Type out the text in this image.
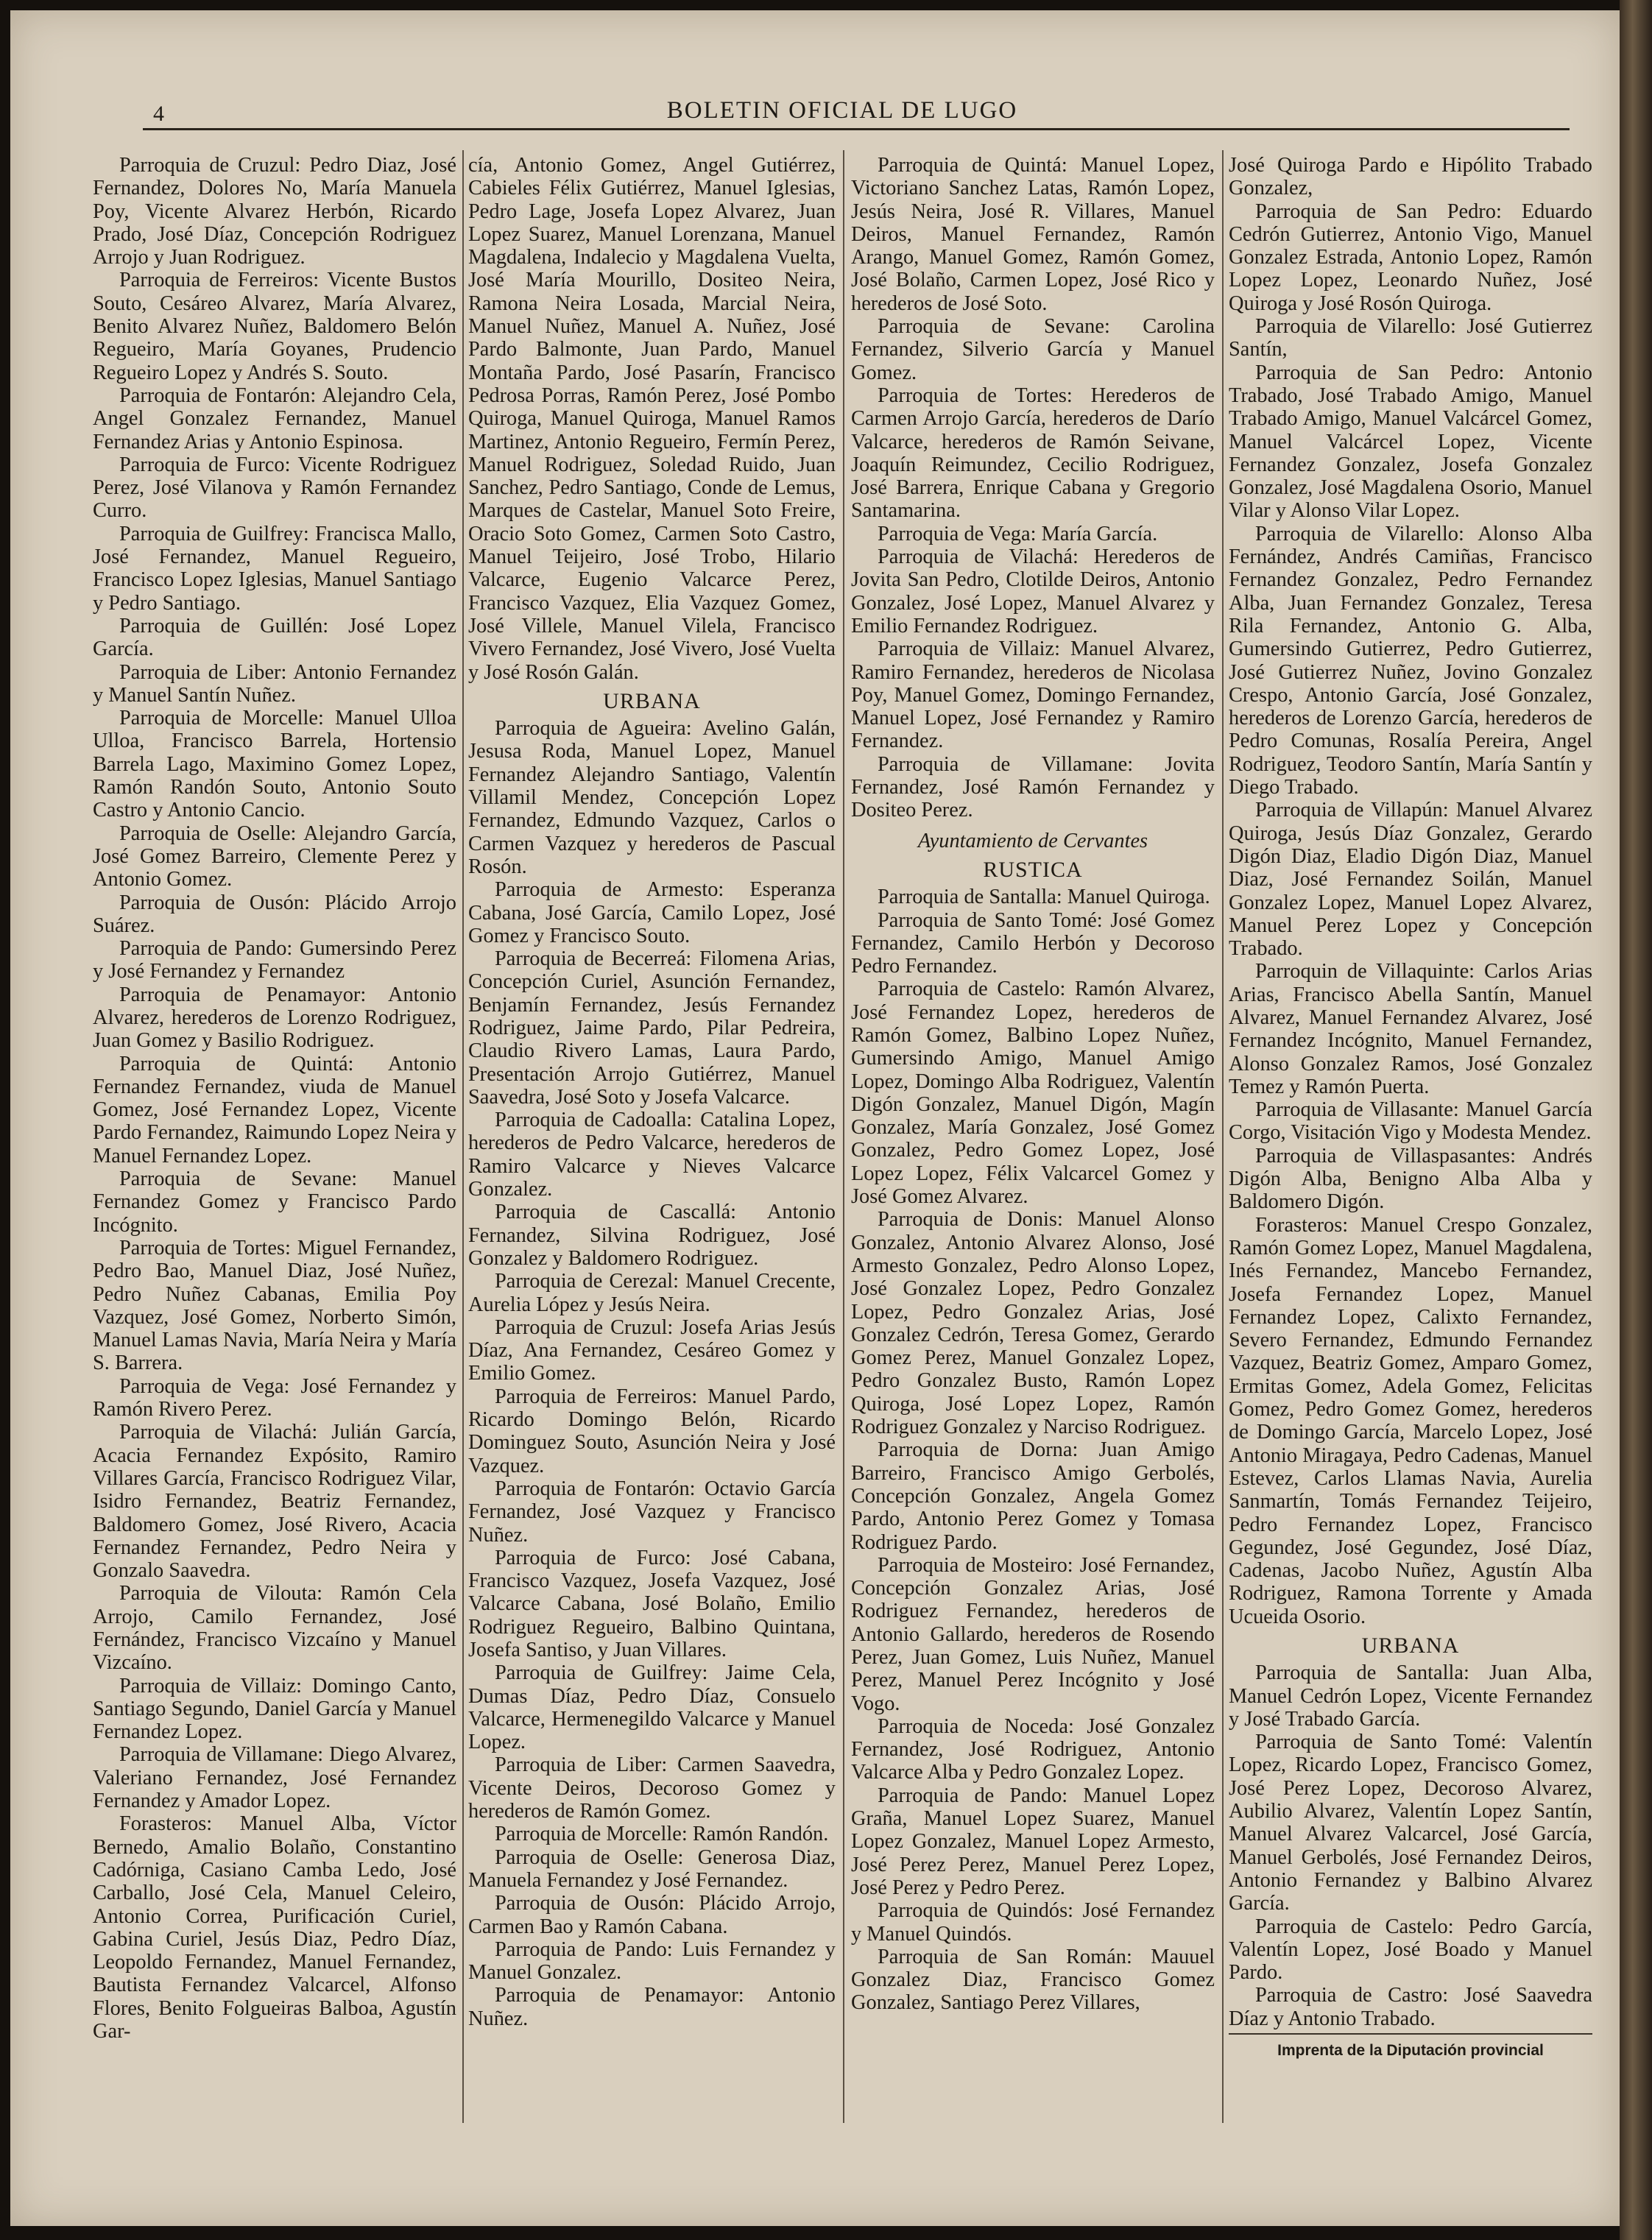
4	BOLETIN OFICIAL DE LUGO

Parroquia de Cruzul: Pedro Diaz, José Fernandez, Dolores No, María Manuela Poy, Vicente Alvarez Herbón, Ricardo Prado, José Díaz, Concepción Rodriguez Arrojo y Juan Rodriguez.

Parroquia de Ferreiros: Vicente Bustos Souto, Cesáreo Alvarez, María Alvarez, Benito Alvarez Nuñez, Baldomero Belón Regueiro, María Goyanes, Prudencio Regueiro Lopez y Andrés S. Souto.

Parroquia de Fontarón: Alejandro Cela, Angel Gonzalez Fernandez, Manuel Fernandez Arias y Antonio Espinosa.

Parroquia de Furco: Vicente Rodriguez Perez, José Vilanova y Ramón Fernandez Curro.

Parroquia de Guilfrey: Francisca Mallo, José Fernandez, Manuel Regueiro, Francisco Lopez Iglesias, Manuel Santiago y Pedro Santiago.

Parroquia de Guillén: José Lopez García.

Parroquia de Liber: Antonio Fernandez y Manuel Santín Nuñez.

Parroquia de Morcelle: Manuel Ulloa Ulloa, Francisco Barrela, Hortensio Barrela Lago, Maximino Gomez Lopez, Ramón Randón Souto, Antonio Souto Castro y Antonio Cancio.

Parroquia de Oselle: Alejandro García, José Gomez Barreiro, Clemente Perez y Antonio Gomez.

Parroquia de Ousón: Plácido Arrojo Suárez.

Parroquia de Pando: Gumersindo Perez y José Fernandez y Fernandez

Parroquia de Penamayor: Antonio Alvarez, herederos de Lorenzo Rodriguez, Juan Gomez y Basilio Rodriguez.

Parroquia de Quintá: Antonio Fernandez Fernandez, viuda de Manuel Gomez, José Fernandez Lopez, Vicente Pardo Fernandez, Raimundo Lopez Neira y Manuel Fernandez Lopez.

Parroquia de Sevane: Manuel Fernandez Gomez y Francisco Pardo Incógnito.

Parroquia de Tortes: Miguel Fernandez, Pedro Bao, Manuel Diaz, José Nuñez, Pedro Nuñez Cabanas, Emilia Poy Vazquez, José Gomez, Norberto Simón, Manuel Lamas Navia, María Neira y María S. Barrera.

Parroquia de Vega: José Fernandez y Ramón Rivero Perez.

Parroquia de Vilachá: Julián García, Acacia Fernandez Expósito, Ramiro Villares García, Francisco Rodriguez Vilar, Isidro Fernandez, Beatriz Fernandez, Baldomero Gomez, José Rivero, Acacia Fernandez Fernandez, Pedro Neira y Gonzalo Saavedra.

Parroquia de Vilouta: Ramón Cela Arrojo, Camilo Fernandez, José Fernández, Francisco Vizcaíno y Manuel Vizcaíno.

Parroquia de Villaiz: Domingo Canto, Santiago Segundo, Daniel García y Manuel Fernandez Lopez.

Parroquia de Villamane: Diego Alvarez, Valeriano Fernandez, José Fernandez Fernandez y Amador Lopez.

Forasteros: Manuel Alba, Víctor Bernedo, Amalio Bolaño, Constantino Cadórniga, Casiano Camba Ledo, José Carballo, José Cela, Manuel Celeiro, Antonio Correa, Purificación Curiel, Gabina Curiel, Jesús Diaz, Pedro Díaz, Leopoldo Fernandez, Manuel Fernandez, Bautista Fernandez Valcarcel, Alfonso Flores, Benito Folgueiras Balboa, Agustín Gar-

cía, Antonio Gomez, Angel Gutiérrez, Cabieles Félix Gutiérrez, Manuel Iglesias, Pedro Lage, Josefa Lopez Alvarez, Juan Lopez Suarez, Manuel Lorenzana, Manuel Magdalena, Indalecio y Magdalena Vuelta, José María Mourillo, Dositeo Neira, Ramona Neira Losada, Marcial Neira, Manuel Nuñez, Manuel A. Nuñez, José Pardo Balmonte, Juan Pardo, Manuel Montaña Pardo, José Pasarín, Francisco Pedrosa Porras, Ramón Perez, José Pombo Quiroga, Manuel Quiroga, Manuel Ramos Martinez, Antonio Regueiro, Fermín Perez, Manuel Rodriguez, Soledad Ruido, Juan Sanchez, Pedro Santiago, Conde de Lemus, Marques de Castelar, Manuel Soto Freire, Oracio Soto Gomez, Carmen Soto Castro, Manuel Teijeiro, José Trobo, Hilario Valcarce, Eugenio Valcarce Perez, Francisco Vazquez, Elia Vazquez Gomez, José Villele, Manuel Vilela, Francisco Vivero Fernandez, José Vivero, José Vuelta y José Rosón Galán.

URBANA

Parroquia de Agueira: Avelino Galán, Jesusa Roda, Manuel Lopez, Manuel Fernandez Alejandro Santiago, Valentín Villamil Mendez, Concepción Lopez Fernandez, Edmundo Vazquez, Carlos o Carmen Vazquez y herederos de Pascual Rosón.

Parroquia de Armesto: Esperanza Cabana, José García, Camilo Lopez, José Gomez y Francisco Souto.

Parroquia de Becerreá: Filomena Arias, Concepción Curiel, Asunción Fernandez, Benjamín Fernandez, Jesús Fernandez Rodriguez, Jaime Pardo, Pilar Pedreira, Claudio Rivero Lamas, Laura Pardo, Presentación Arrojo Gutiérrez, Manuel Saavedra, José Soto y Josefa Valcarce.

Parroquia de Cadoalla: Catalina Lopez, herederos de Pedro Valcarce, herederos de Ramiro Valcarce y Nieves Valcarce Gonzalez.

Parroquia de Cascallá: Antonio Fernandez, Silvina Rodriguez, José Gonzalez y Baldomero Rodriguez.

Parroquia de Cerezal: Manuel Crecente, Aurelia López y Jesús Neira.

Parroquia de Cruzul: Josefa Arias Jesús Díaz, Ana Fernandez, Cesáreo Gomez y Emilio Gomez.

Parroquia de Ferreiros: Manuel Pardo, Ricardo Domingo Belón, Ricardo Dominguez Souto, Asunción Neira y José Vazquez.

Parroquia de Fontarón: Octavio García Fernandez, José Vazquez y Francisco Nuñez.

Parroquia de Furco: José Cabana, Francisco Vazquez, Josefa Vazquez, José Valcarce Cabana, José Bolaño, Emilio Rodriguez Regueiro, Balbino Quintana, Josefa Santiso, y Juan Villares.

Parroquia de Guilfrey: Jaime Cela, Dumas Díaz, Pedro Díaz, Consuelo Valcarce, Hermenegildo Valcarce y Manuel Lopez.

Parroquia de Liber: Carmen Saavedra, Vicente Deiros, Decoroso Gomez y herederos de Ramón Gomez.

Parroquia de Morcelle: Ramón Randón.

Parroquia de Oselle: Generosa Diaz, Manuela Fernandez y José Fernandez.

Parroquia de Ousón: Plácido Arrojo, Carmen Bao y Ramón Cabana.

Parroquia de Pando: Luis Fernandez y Manuel Gonzalez.

Parroquia de Penamayor: Antonio Nuñez.

Parroquia de Quintá: Manuel Lopez, Victoriano Sanchez Latas, Ramón Lopez, Jesús Neira, José R. Villares, Manuel Deiros, Manuel Fernandez, Ramón Arango, Manuel Gomez, Ramón Gomez, José Bolaño, Carmen Lopez, José Rico y herederos de José Soto.

Parroquia de Sevane: Carolina Fernandez, Silverio García y Manuel Gomez.

Parroquia de Tortes: Herederos de Carmen Arrojo García, herederos de Darío Valcarce, herederos de Ramón Seivane, Joaquín Reimundez, Cecilio Rodriguez, José Barrera, Enrique Cabana y Gregorio Santamarina.

Parroquia de Vega: María García.

Parroquia de Vilachá: Herederos de Jovita San Pedro, Clotilde Deiros, Antonio Gonzalez, José Lopez, Manuel Alvarez y Emilio Fernandez Rodriguez.

Parroquia de Villaiz: Manuel Alvarez, Ramiro Fernandez, herederos de Nicolasa Poy, Manuel Gomez, Domingo Fernandez, Manuel Lopez, José Fernandez y Ramiro Fernandez.

Parroquia de Villamane: Jovita Fernandez, José Ramón Fernandez y Dositeo Perez.

Ayuntamiento de Cervantes

RUSTICA

Parroquia de Santalla: Manuel Quiroga.

Parroquia de Santo Tomé: José Gomez Fernandez, Camilo Herbón y Decoroso Pedro Fernandez.

Parroquia de Castelo: Ramón Alvarez, José Fernandez Lopez, herederos de Ramón Gomez, Balbino Lopez Nuñez, Gumersindo Amigo, Manuel Amigo Lopez, Domingo Alba Rodriguez, Valentín Digón Gonzalez, Manuel Digón, Magín Gonzalez, María Gonzalez, José Gomez Gonzalez, Pedro Gomez Lopez, José Lopez Lopez, Félix Valcarcel Gomez y José Gomez Alvarez.

Parroquia de Donis: Manuel Alonso Gonzalez, Antonio Alvarez Alonso, José Armesto Gonzalez, Pedro Alonso Lopez, José Gonzalez Lopez, Pedro Gonzalez Lopez, Pedro Gonzalez Arias, José Gonzalez Cedrón, Teresa Gomez, Gerardo Gomez Perez, Manuel Gonzalez Lopez, Pedro Gonzalez Busto, Ramón Lopez Quiroga, José Lopez Lopez, Ramón Rodriguez Gonzalez y Narciso Rodriguez.

Parroquia de Dorna: Juan Amigo Barreiro, Francisco Amigo Gerbolés, Concepción Gonzalez, Angela Gomez Pardo, Antonio Perez Gomez y Tomasa Rodriguez Pardo.

Parroquia de Mosteiro: José Fernandez, Concepción Gonzalez Arias, José Rodriguez Fernandez, herederos de Antonio Gallardo, herederos de Rosendo Perez, Juan Gomez, Luis Nuñez, Manuel Perez, Manuel Perez Incógnito y José Vogo.

Parroquia de Noceda: José Gonzalez Fernandez, José Rodriguez, Antonio Valcarce Alba y Pedro Gonzalez Lopez.

Parroquia de Pando: Manuel Lopez Graña, Manuel Lopez Suarez, Manuel Lopez Gonzalez, Manuel Lopez Armesto, José Perez Perez, Manuel Perez Lopez, José Perez y Pedro Perez.

Parroquia de Quindós: José Fernandez y Manuel Quindós.

Parroquia de San Román: Mauuel Gonzalez Diaz, Francisco Gomez Gonzalez, Santiago Perez Villares,

José Quiroga Pardo e Hipólito Trabado Gonzalez,

Parroquia de San Pedro: Eduardo Cedrón Gutierrez, Antonio Vigo, Manuel Gonzalez Estrada, Antonio Lopez, Ramón Lopez Lopez, Leonardo Nuñez, José Quiroga y José Rosón Quiroga.

Parroquia de Vilarello: José Gutierrez Santín,

Parroquia de San Pedro: Antonio Trabado, José Trabado Amigo, Manuel Trabado Amigo, Manuel Valcárcel Gomez, Manuel Valcárcel Lopez, Vicente Fernandez Gonzalez, Josefa Gonzalez Gonzalez, José Magdalena Osorio, Manuel Vilar y Alonso Vilar Lopez.

Parroquia de Vilarello: Alonso Alba Fernández, Andrés Camiñas, Francisco Fernandez Gonzalez, Pedro Fernandez Alba, Juan Fernandez Gonzalez, Teresa Rila Fernandez, Antonio G. Alba, Gumersindo Gutierrez, Pedro Gutierrez, José Gutierrez Nuñez, Jovino Gonzalez Crespo, Antonio García, José Gonzalez, herederos de Lorenzo García, herederos de Pedro Comunas, Rosalía Pereira, Angel Rodriguez, Teodoro Santín, María Santín y Diego Trabado.

Parroquia de Villapún: Manuel Alvarez Quiroga, Jesús Díaz Gonzalez, Gerardo Digón Diaz, Eladio Digón Diaz, Manuel Diaz, José Fernandez Soilán, Manuel Gonzalez Lopez, Manuel Lopez Alvarez, Manuel Perez Lopez y Concepción Trabado.

Parroquin de Villaquinte: Carlos Arias Arias, Francisco Abella Santín, Manuel Alvarez, Manuel Fernandez Alvarez, José Fernandez Incógnito, Manuel Fernandez, Alonso Gonzalez Ramos, José Gonzalez Temez y Ramón Puerta.

Parroquia de Villasante: Manuel García Corgo, Visitación Vigo y Modesta Mendez.

Parroquia de Villaspasantes: Andrés Digón Alba, Benigno Alba Alba y Baldomero Digón.

Forasteros: Manuel Crespo Gonzalez, Ramón Gomez Lopez, Manuel Magdalena, Inés Fernandez, Mancebo Fernandez, Josefa Fernandez Lopez, Manuel Fernandez Lopez, Calixto Fernandez, Severo Fernandez, Edmundo Fernandez Vazquez, Beatriz Gomez, Amparo Gomez, Ermitas Gomez, Adela Gomez, Felicitas Gomez, Pedro Gomez Gomez, herederos de Domingo García, Marcelo Lopez, José Antonio Miragaya, Pedro Cadenas, Manuel Estevez, Carlos Llamas Navia, Aurelia Sanmartín, Tomás Fernandez Teijeiro, Pedro Fernandez Lopez, Francisco Gegundez, José Gegundez, José Díaz, Cadenas, Jacobo Nuñez, Agustín Alba Rodriguez, Ramona Torrente y Amada Ucueida Osorio.

URBANA

Parroquia de Santalla: Juan Alba, Manuel Cedrón Lopez, Vicente Fernandez y José Trabado García.

Parroquia de Santo Tomé: Valentín Lopez, Ricardo Lopez, Francisco Gomez, José Perez Lopez, Decoroso Alvarez, Aubilio Alvarez, Valentín Lopez Santín, Manuel Alvarez Valcarcel, José García, Manuel Gerbolés, José Fernandez Deiros, Antonio Fernandez y Balbino Alvarez García.

Parroquia de Castelo: Pedro García, Valentín Lopez, José Boado y Manuel Pardo.

Parroquia de Castro: José Saavedra Díaz y Antonio Trabado.

Imprenta de la Diputación provincial
